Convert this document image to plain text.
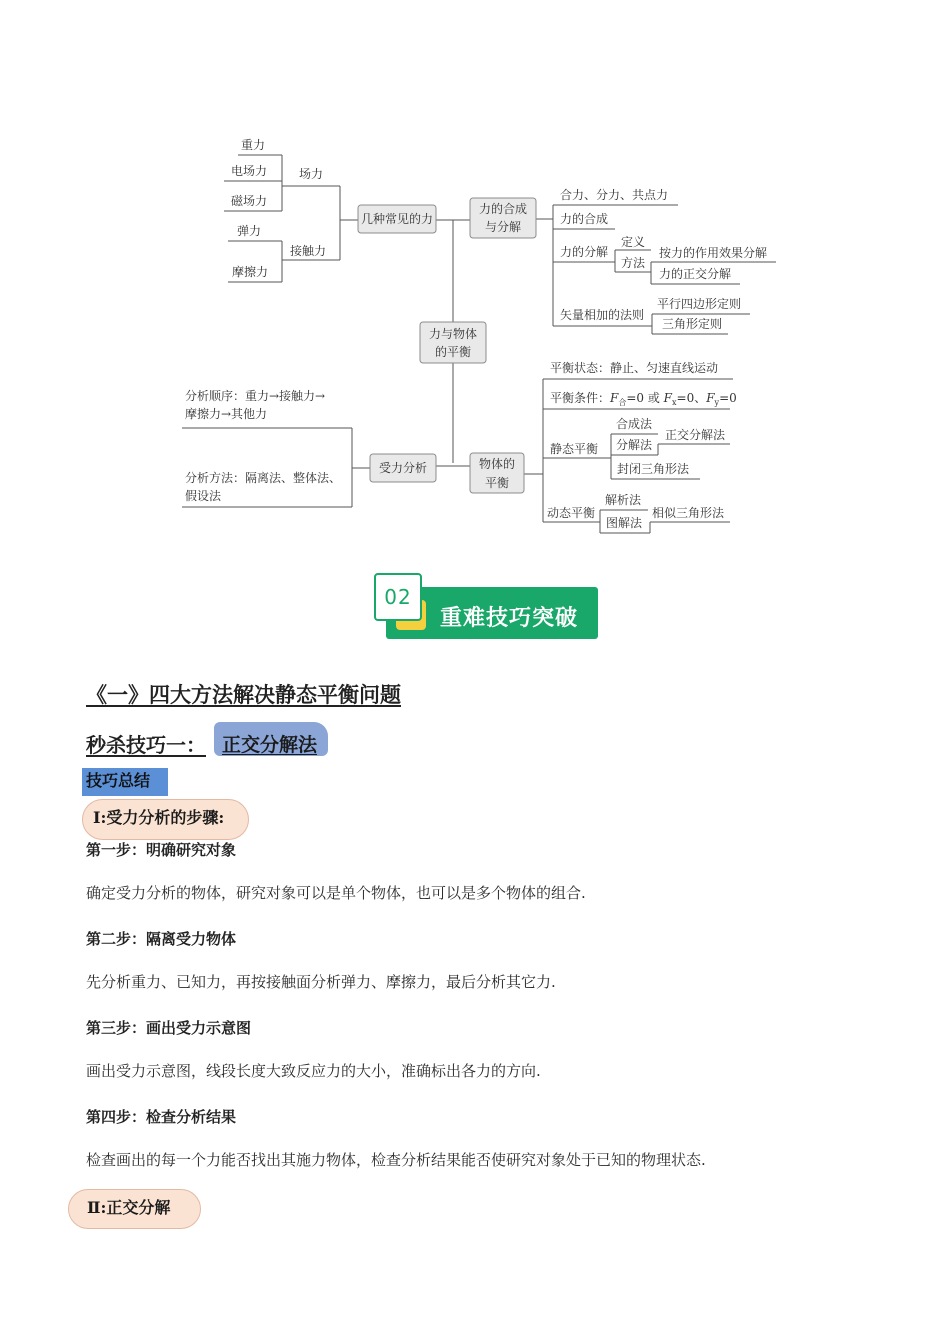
力与物体
的平衡
几种常见的力
场力
接触力
重力
电场力
磁场力
弹力
摩擦力
力的合成
与分解
合力、分力、共点力
力的合成
力的分解
定义
方法
按力的作用效果分解
力的正交分解
矢量相加的法则
平行四边形定则
三角形定则
受力分析
分析顺序：重力→接触力→
摩擦力→其他力
分析方法：隔离法、整体法、
假设法
物体的
平衡
平衡状态：静止、匀速直线运动
平衡条件：$F_合=0$ 或 $F_x=0$、$F_y=0$
静态平衡
合成法
分解法
正交分解法
封闭三角形法
动态平衡
解析法
图解法
相似三角形法
02
重难技巧突破
《一》四大方法解决静态平衡问题
秒杀技巧一： 正交分解法
技巧总结
Ⅰ:受力分析的步骤:
第一步：明确研究对象
确定受力分析的物体，研究对象可以是单个物体，也可以是多个物体的组合.
第二步：隔离受力物体
先分析重力、已知力，再按接触面分析弹力、摩擦力，最后分析其它力.
第三步：画出受力示意图
画出受力示意图，线段长度大致反应力的大小，准确标出各力的方向.
第四步：检查分析结果
检查画出的每一个力能否找出其施力物体，检查分析结果能否使研究对象处于已知的物理状态.
Ⅱ:正交分解
